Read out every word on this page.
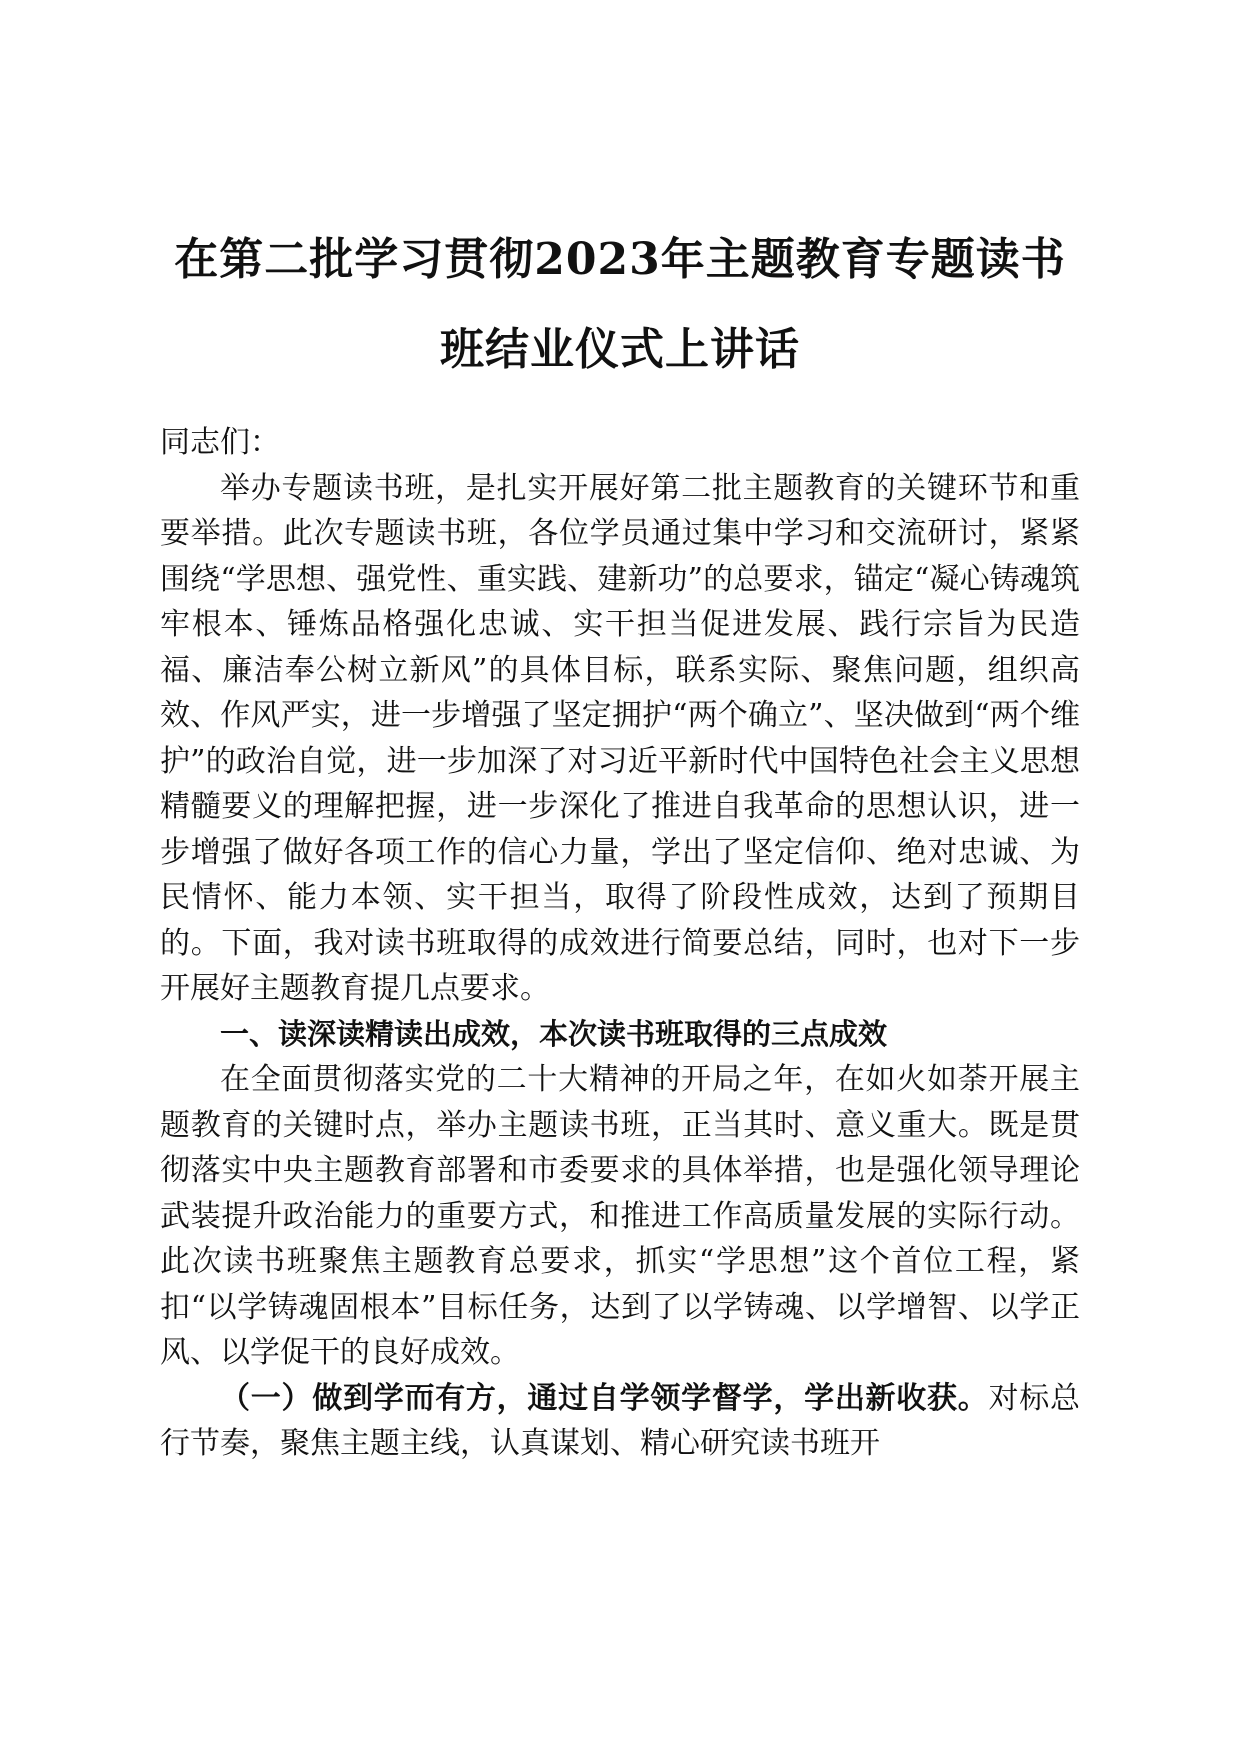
在第二批学习贯彻2023年主题教育专题读书
班结业仪式上讲话

同志们：

举办专题读书班，是扎实开展好第二批主题教育的关键环节和重要举措。此次专题读书班，各位学员通过集中学习和交流研讨，紧紧围绕“学思想、强党性、重实践、建新功”的总要求，锚定“凝心铸魂筑牢根本、锤炼品格强化忠诚、实干担当促进发展、践行宗旨为民造福、廉洁奉公树立新风”的具体目标，联系实际、聚焦问题，组织高效、作风严实，进一步增强了坚定拥护“两个确立”、坚决做到“两个维护”的政治自觉，进一步加深了对习近平新时代中国特色社会主义思想精髓要义的理解把握，进一步深化了推进自我革命的思想认识，进一步增强了做好各项工作的信心力量，学出了坚定信仰、绝对忠诚、为民情怀、能力本领、实干担当，取得了阶段性成效，达到了预期目的。下面，我对读书班取得的成效进行简要总结，同时，也对下一步开展好主题教育提几点要求。

一、读深读精读出成效，本次读书班取得的三点成效

在全面贯彻落实党的二十大精神的开局之年，在如火如荼开展主题教育的关键时点，举办主题读书班，正当其时、意义重大。既是贯彻落实中央主题教育部署和市委要求的具体举措，也是强化领导理论武装提升政治能力的重要方式，和推进工作高质量发展的实际行动。此次读书班聚焦主题教育总要求，抓实“学思想”这个首位工程，紧扣“以学铸魂固根本”目标任务，达到了以学铸魂、以学增智、以学正风、以学促干的良好成效。

（一）做到学而有方，通过自学领学督学，学出新收获。对标总行节奏，聚焦主题主线，认真谋划、精心研究读书班开
